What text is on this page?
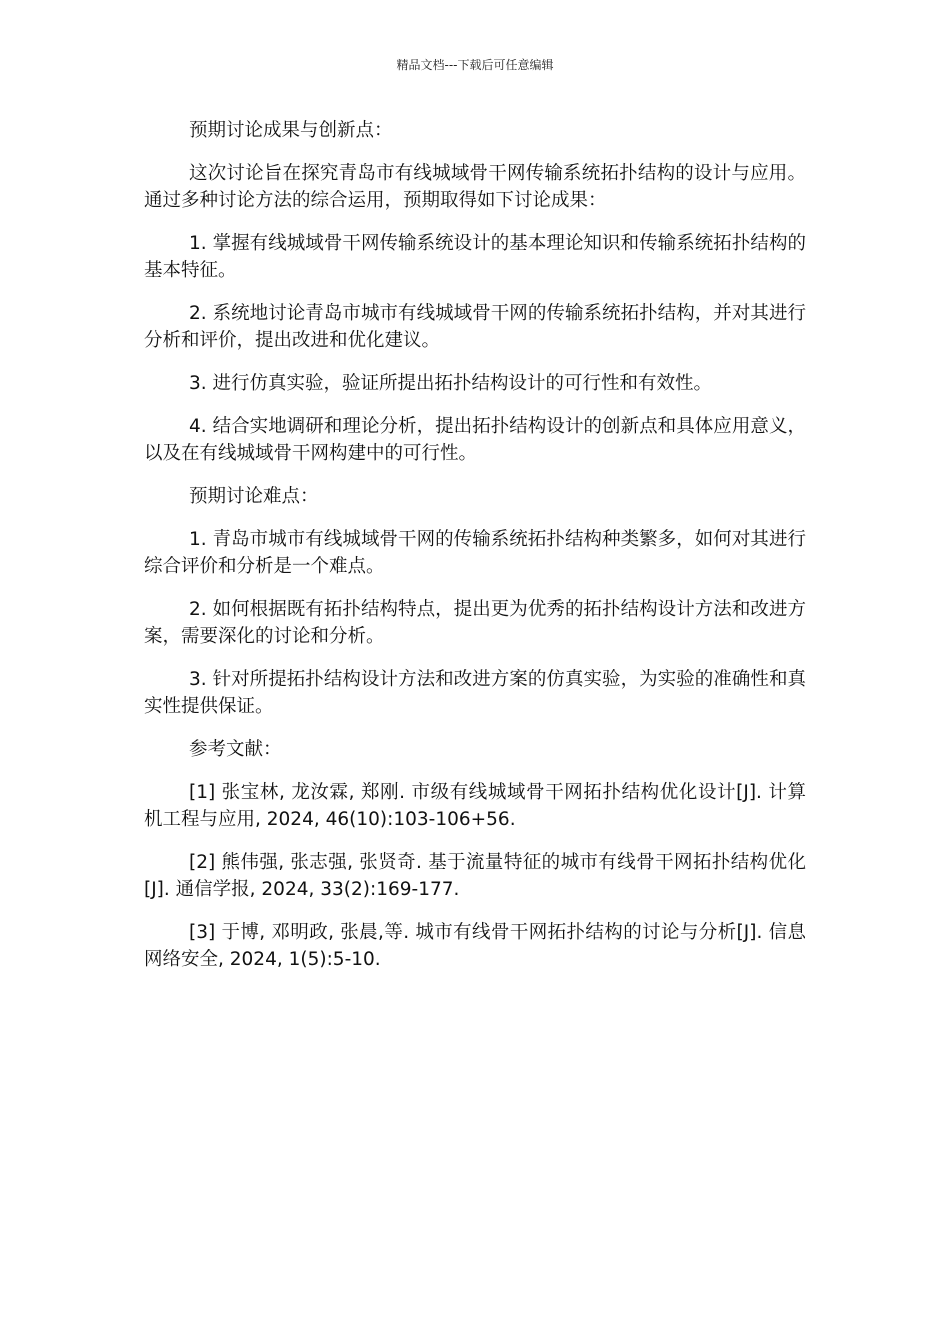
精品文档---下载后可任意编辑

预期讨论成果与创新点：

这次讨论旨在探究青岛市有线城域骨干网传输系统拓扑结构的设计与应用。通过多种讨论方法的综合运用，预期取得如下讨论成果：

1. 掌握有线城域骨干网传输系统设计的基本理论知识和传输系统拓扑结构的基本特征。

2. 系统地讨论青岛市城市有线城域骨干网的传输系统拓扑结构，并对其进行分析和评价，提出改进和优化建议。

3. 进行仿真实验，验证所提出拓扑结构设计的可行性和有效性。

4. 结合实地调研和理论分析，提出拓扑结构设计的创新点和具体应用意义，以及在有线城域骨干网构建中的可行性。

预期讨论难点：

1. 青岛市城市有线城域骨干网的传输系统拓扑结构种类繁多，如何对其进行综合评价和分析是一个难点。

2. 如何根据既有拓扑结构特点，提出更为优秀的拓扑结构设计方法和改进方案，需要深化的讨论和分析。

3. 针对所提拓扑结构设计方法和改进方案的仿真实验，为实验的准确性和真实性提供保证。

参考文献：

[1] 张宝林, 龙汝霖, 郑刚. 市级有线城域骨干网拓扑结构优化设计[J]. 计算机工程与应用, 2024, 46(10):103-106+56.

[2] 熊伟强, 张志强, 张贤奇. 基于流量特征的城市有线骨干网拓扑结构优化[J]. 通信学报, 2024, 33(2):169-177.

[3] 于博, 邓明政, 张晨,等. 城市有线骨干网拓扑结构的讨论与分析[J]. 信息网络安全, 2024, 1(5):5-10.
